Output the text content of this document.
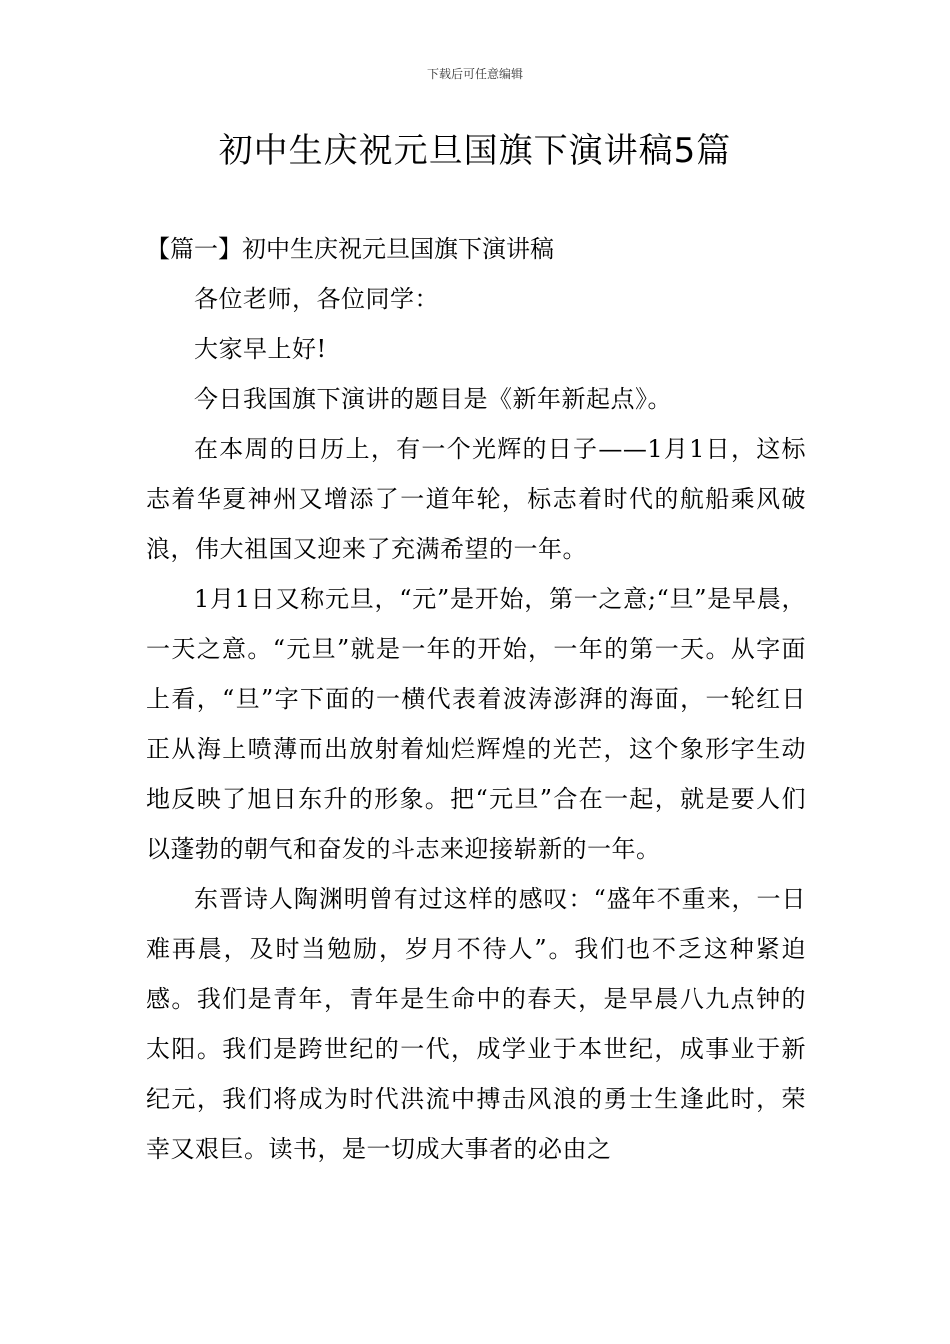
下载后可任意编辑
初中生庆祝元旦国旗下演讲稿5篇

【篇一】初中生庆祝元旦国旗下演讲稿

各位老师，各位同学：

大家早上好!

今日我国旗下演讲的题目是《新年新起点》。

在本周的日历上，有一个光辉的日子——1月1日，这标志着华夏神州又增添了一道年轮，标志着时代的航船乘风破浪，伟大祖国又迎来了充满希望的一年。

1月1日又称元旦，“元”是开始，第一之意;“旦”是早晨，一天之意。“元旦”就是一年的开始，一年的第一天。从字面上看，“旦”字下面的一横代表着波涛澎湃的海面，一轮红日正从海上喷薄而出放射着灿烂辉煌的光芒，这个象形字生动地反映了旭日东升的形象。把“元旦”合在一起，就是要人们以蓬勃的朝气和奋发的斗志来迎接崭新的一年。

东晋诗人陶渊明曾有过这样的感叹：“盛年不重来，一日难再晨，及时当勉励，岁月不待人”。我们也不乏这种紧迫感。我们是青年，青年是生命中的春天，是早晨八九点钟的太阳。我们是跨世纪的一代，成学业于本世纪，成事业于新纪元，我们将成为时代洪流中搏击风浪的勇士生逢此时，荣幸又艰巨。读书，是一切成大事者的必由之
